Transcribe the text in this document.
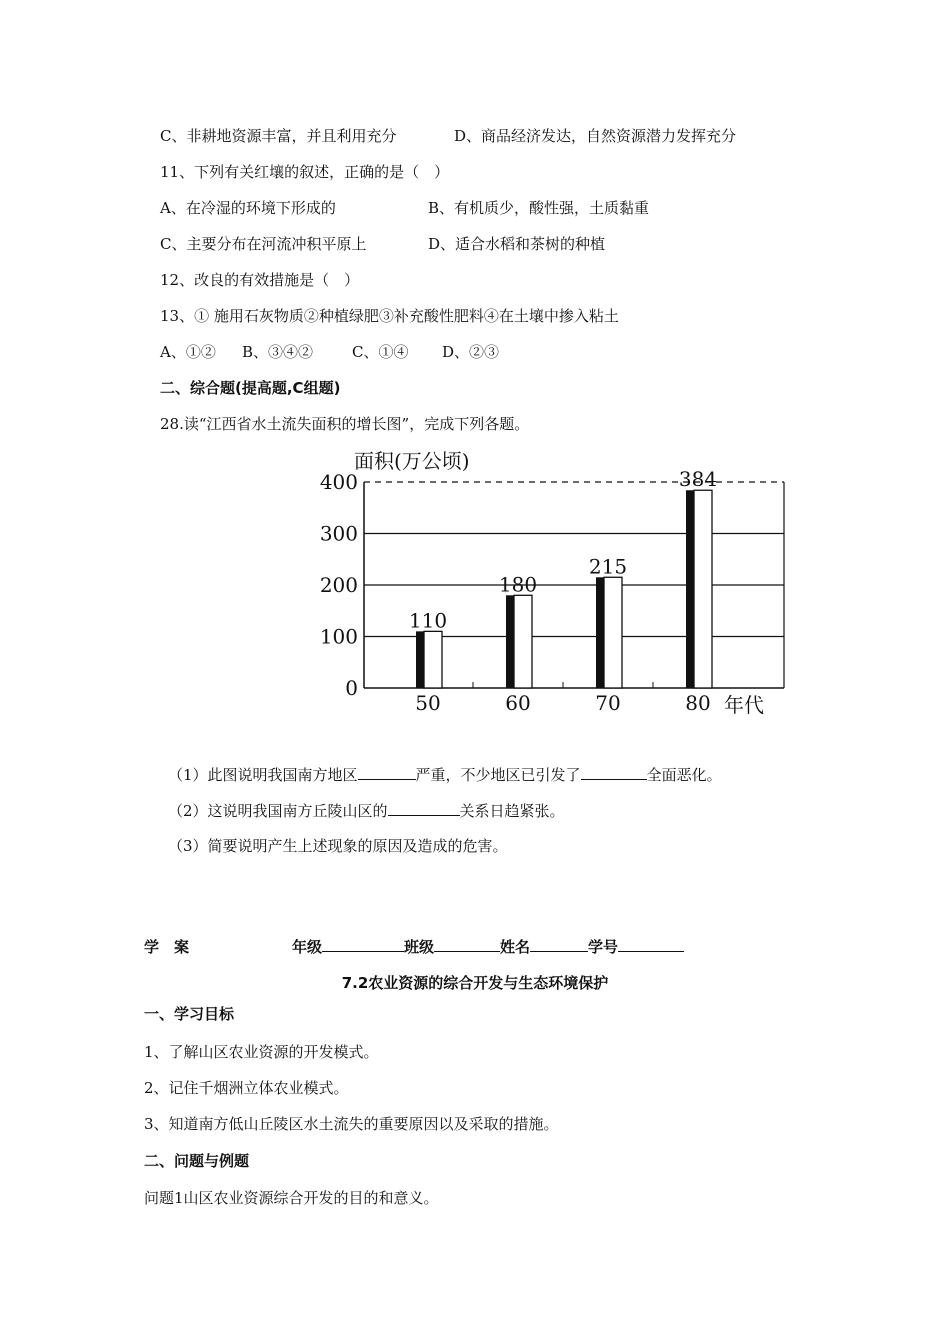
C、非耕地资源丰富，并且利用充分	D、商品经济发达，自然资源潜力发挥充分
11、下列有关红壤的叙述，正确的是（　）
A、在冷湿的环境下形成的	B、有机质少，酸性强，土质黏重
C、主要分布在河流冲积平原上	D、适合水稻和茶树的种植
12、改良的有效措施是（　）
13、① 施用石灰物质②种植绿肥③补充酸性肥料④在土壤中掺入粘土
A、①② B、③④②	C、①④ D、②③
二、综合题(提高题,C组题)
28.读“江西省水土流失面积的增长图”，完成下列各题。
面积(万公顷)
年代
0
100
200
300
400
110
180
215
384
50	60	70	80
（1）此图说明我国南方地区	严重，不少地区已引发了	全面恶化。
（2）这说明我国南方丘陵山区的	关系日趋紧张。
（3）简要说明产生上述现象的原因及造成的危害。
学　案	年级	班级	姓名	学号
7.2农业资源的综合开发与生态环境保护
一、学习目标
1、了解山区农业资源的开发模式。
2、记住千烟洲立体农业模式。
3、知道南方低山丘陵区水土流失的重要原因以及采取的措施。
二、问题与例题
问题1山区农业资源综合开发的目的和意义。
